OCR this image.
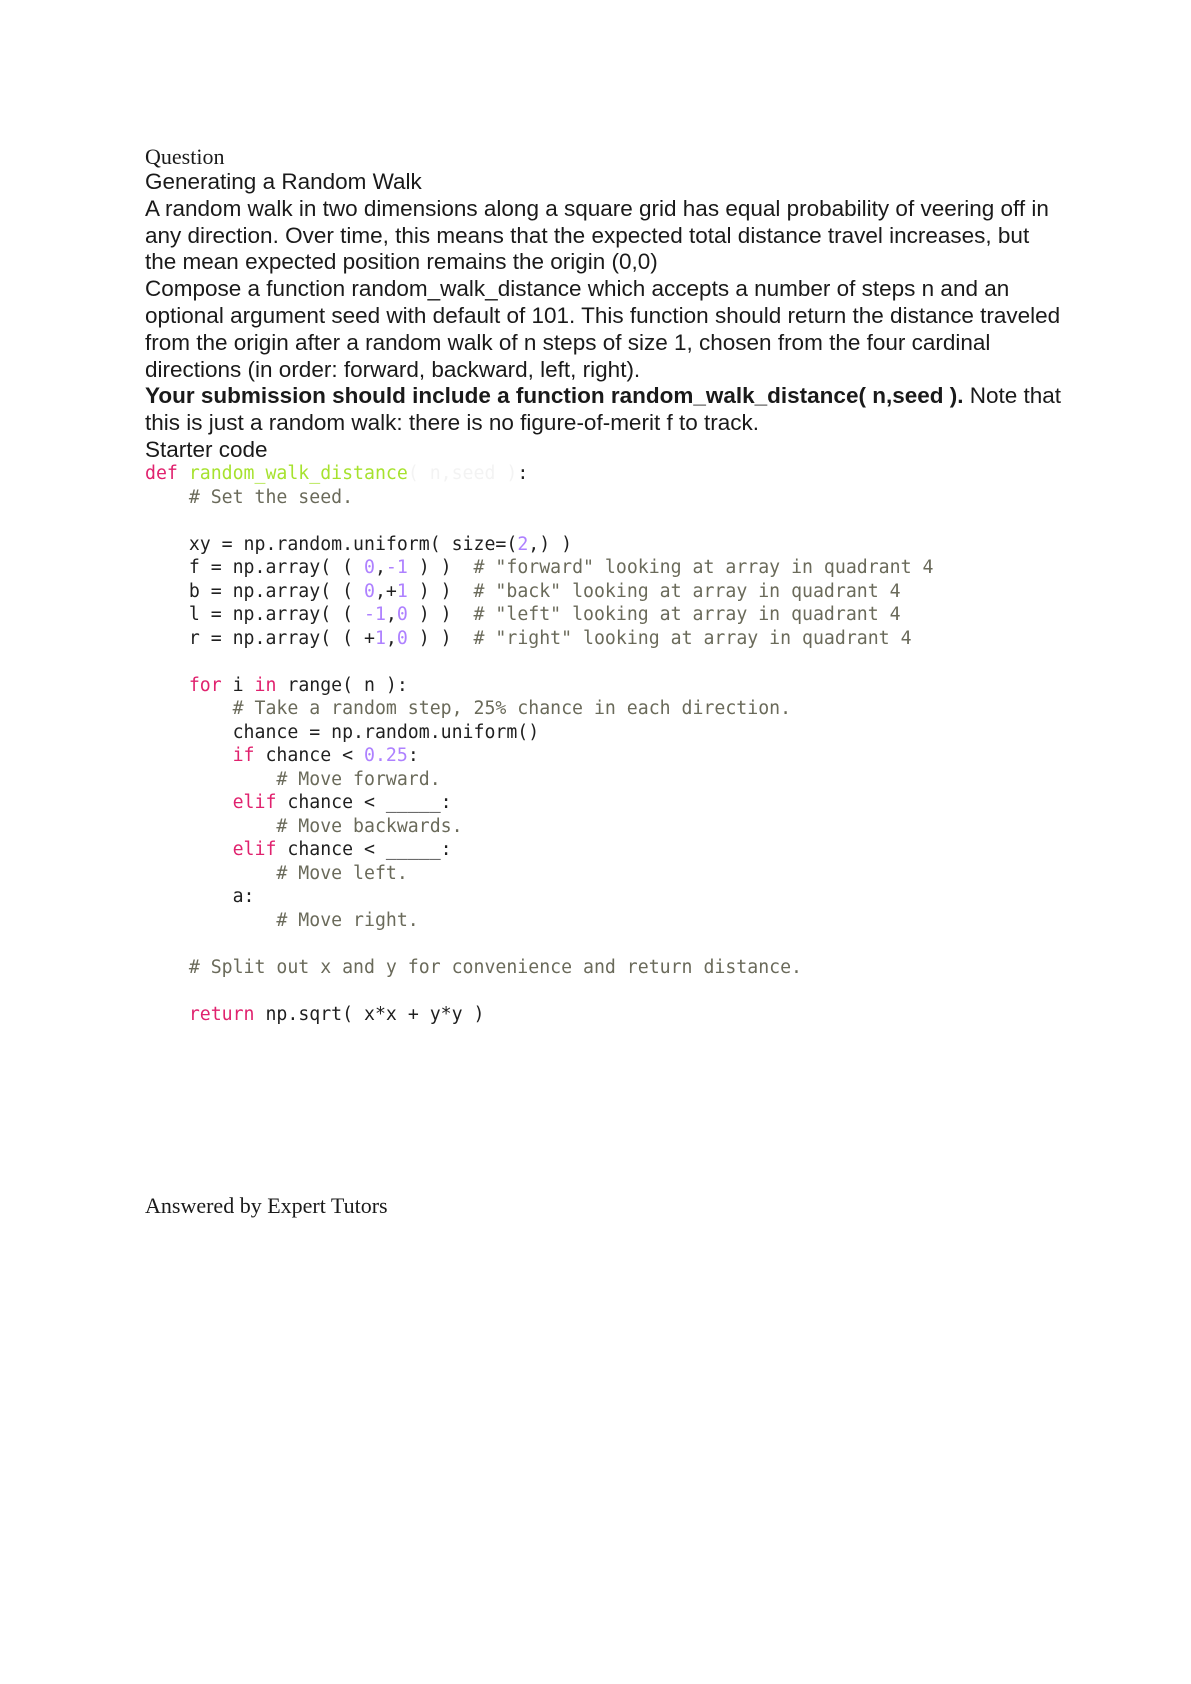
Question

Generating a Random Walk

A random walk in two dimensions along a square grid has equal probability of veering off in any direction. Over time, this means that the expected total distance travel increases, but the mean expected position remains the origin (0,0)

Compose a function random_walk_distance which accepts a number of steps n and an optional argument seed with default of 101. This function should return the distance traveled from the origin after a random walk of n steps of size 1, chosen from the four cardinal directions (in order: forward, backward, left, right).

Your submission should include a function random_walk_distance( n,seed ). Note that this is just a random walk: there is no figure-of-merit f to track.

Starter code

def random_walk_distance( n,seed ):
# Set the seed.

xy = np.random.uniform( size=(2,) )
f = np.array( ( 0,-1 ) )  # "forward" looking at array in quadrant 4
b = np.array( ( 0,+1 ) )  # "back" looking at array in quadrant 4
l = np.array( ( -1,0 ) )  # "left" looking at array in quadrant 4
r = np.array( ( +1,0 ) )  # "right" looking at array in quadrant 4

for i in range( n ):
# Take a random step, 25% chance in each direction.
chance = np.random.uniform()
if chance < 0.25:
# Move forward.
elif chance < _____:
# Move backwards.
elif chance < _____:
# Move left.
a:
# Move right.

# Split out x and y for convenience and return distance.

return np.sqrt( x*x + y*y )
Answered by Expert Tutors
